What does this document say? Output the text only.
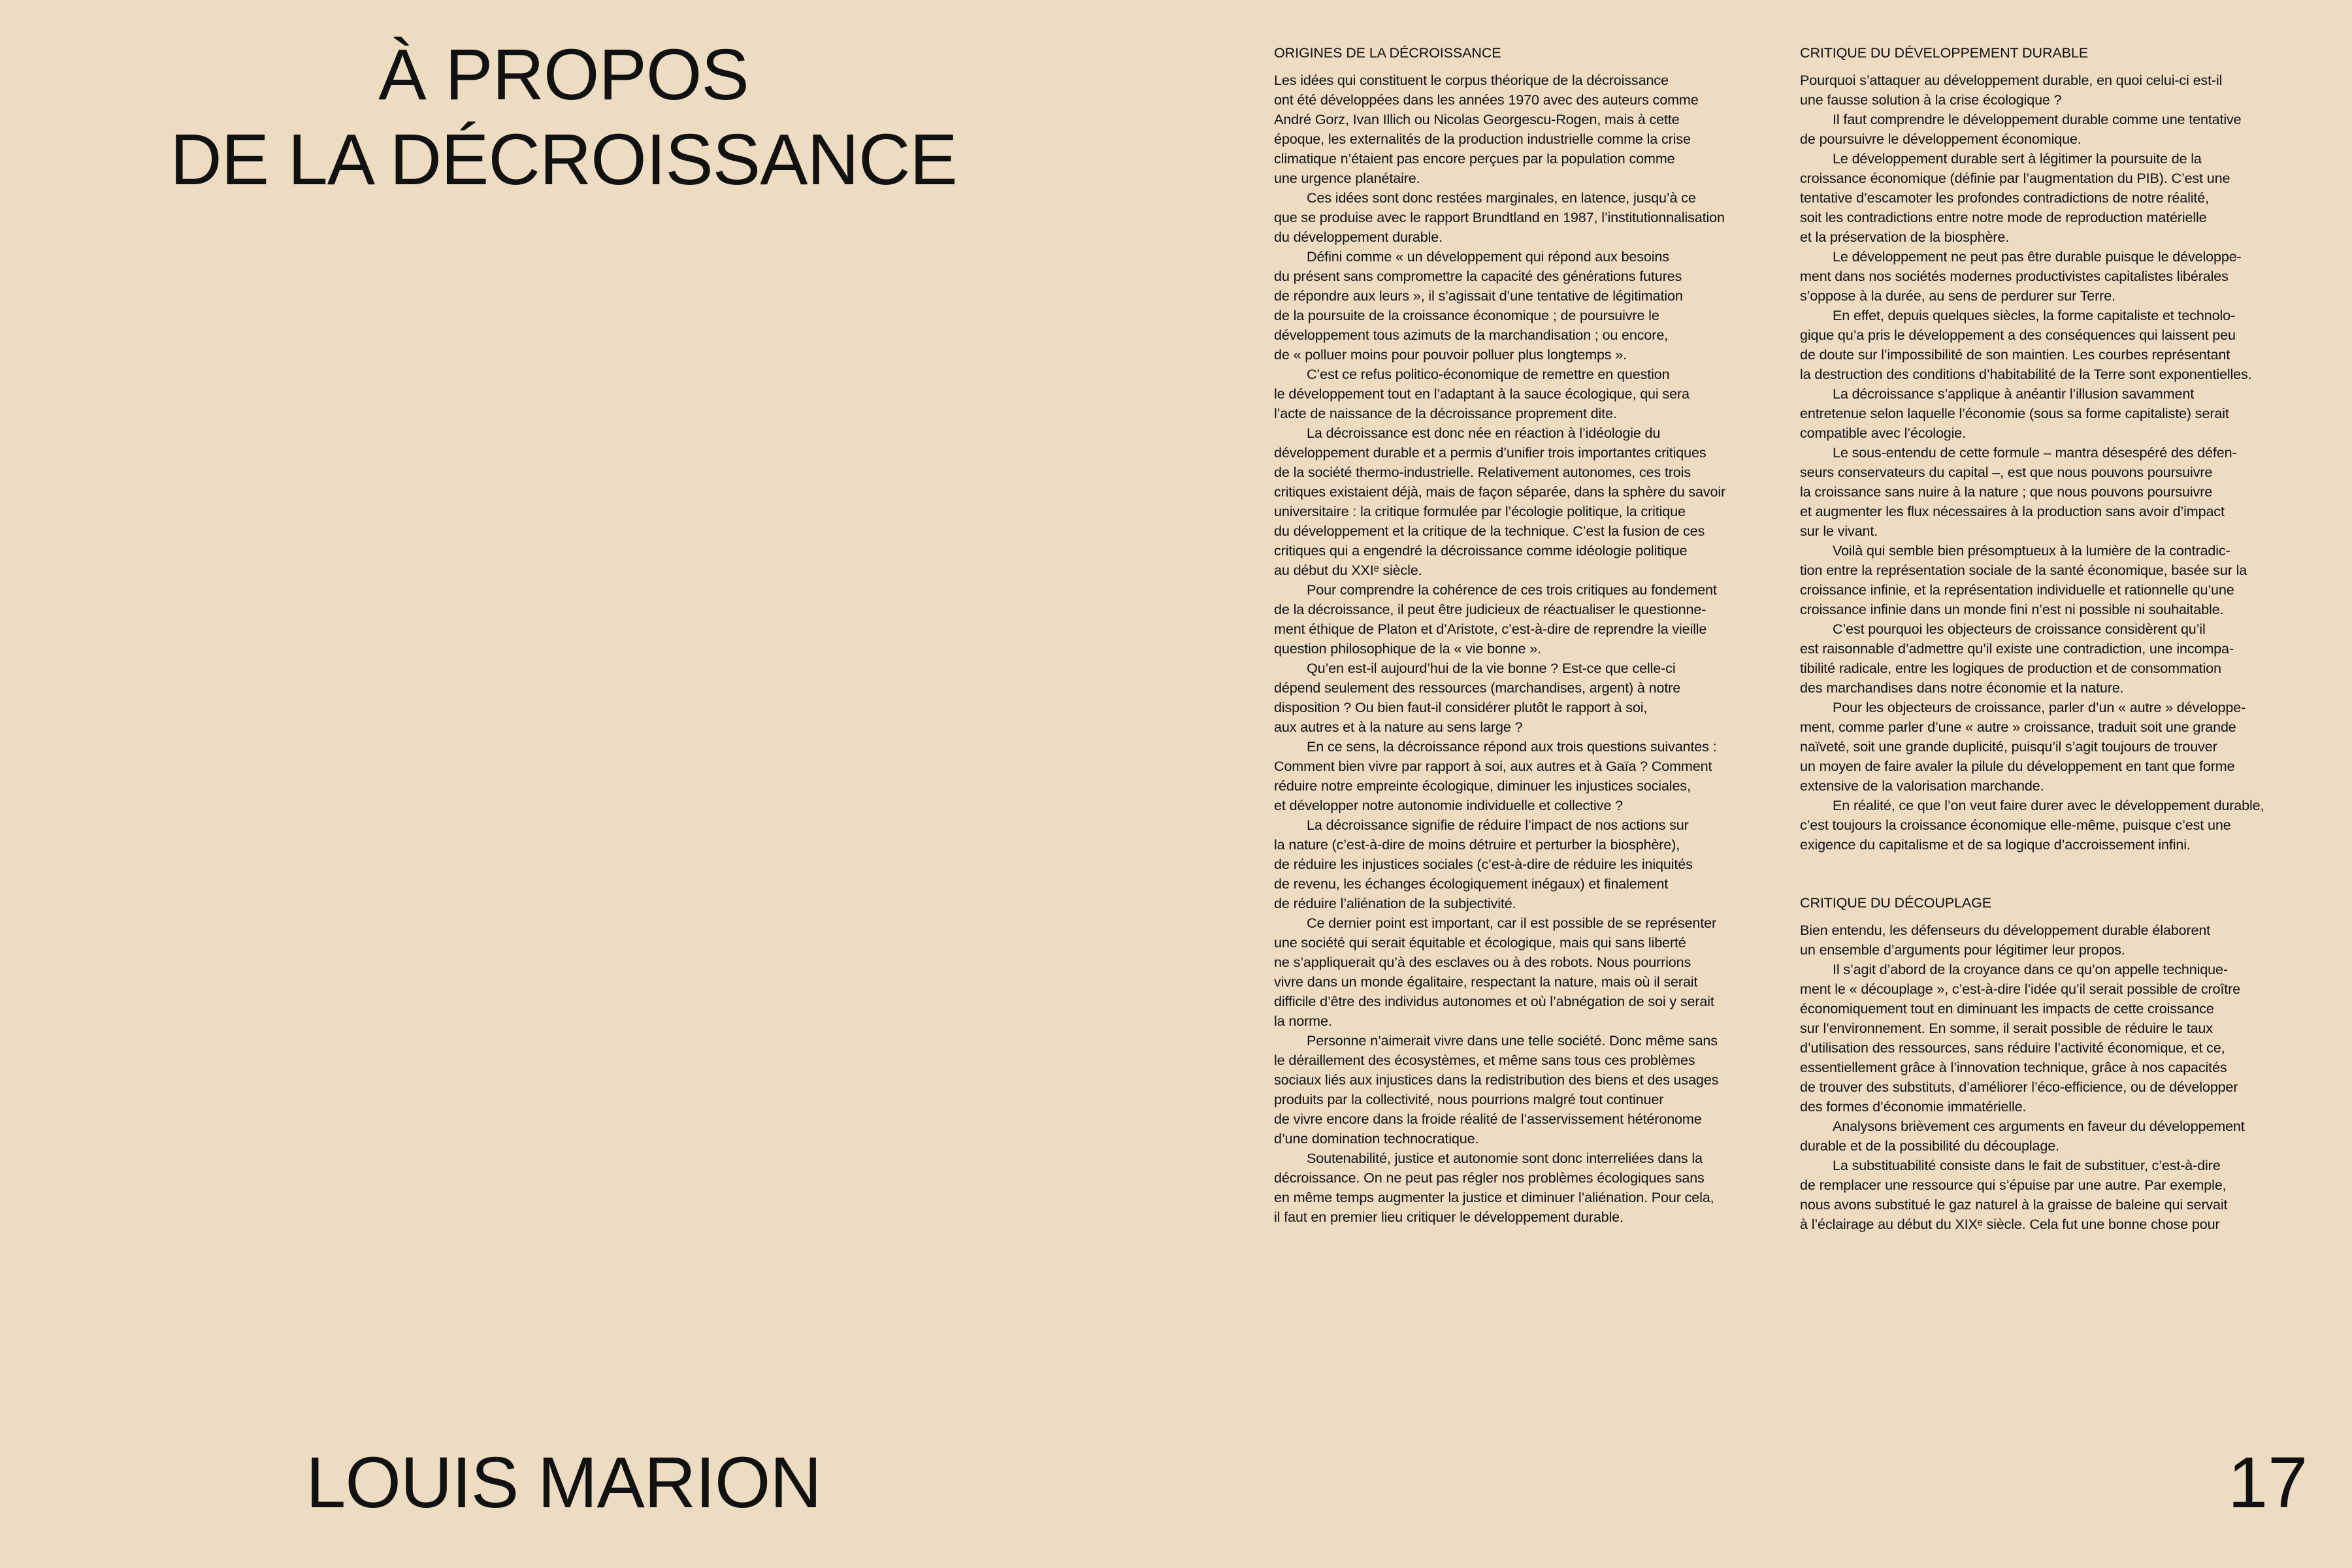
À PROPOS
DE LA DÉCROISSANCE
ORIGINES DE LA DÉCROISSANCE

Les idées qui constituent le corpus théorique de la décroissance
ont été développées dans les années 1970 avec des auteurs comme
André Gorz, Ivan Illich ou Nicolas Georgescu-Rogen, mais à cette
époque, les externalités de la production industrielle comme la crise
climatique n’étaient pas encore perçues par la population comme
une urgence planétaire.

Ces idées sont donc restées marginales, en latence, jusqu’à ce
que se produise avec le rapport Brundtland en 1987, l’institutionnalisation
du développement durable.

Défini comme « un développement qui répond aux besoins
du présent sans compromettre la capacité des générations futures
de répondre aux leurs », il s’agissait d’une tentative de légitimation
de la poursuite de la croissance économique ; de poursuivre le
développement tous azimuts de la marchandisation ; ou encore,
de « polluer moins pour pouvoir polluer plus longtemps ».

C’est ce refus politico-économique de remettre en question
le développement tout en l’adaptant à la sauce écologique, qui sera
l’acte de naissance de la décroissance proprement dite.

La décroissance est donc née en réaction à l’idéologie du
développement durable et a permis d’unifier trois importantes critiques
de la société thermo-industrielle. Relativement autonomes, ces trois
critiques existaient déjà, mais de façon séparée, dans la sphère du savoir
universitaire : la critique formulée par l’écologie politique, la critique
du développement et la critique de la technique. C’est la fusion de ces
critiques qui a engendré la décroissance comme idéologie politique
au début du XXIᵉ siècle.

Pour comprendre la cohérence de ces trois critiques au fondement
de la décroissance, il peut être judicieux de réactualiser le questionne-
ment éthique de Platon et d’Aristote, c’est-à-dire de reprendre la vieille
question philosophique de la « vie bonne ».

Qu’en est-il aujourd’hui de la vie bonne ? Est-ce que celle-ci
dépend seulement des ressources (marchandises, argent) à notre
disposition ? Ou bien faut-il considérer plutôt le rapport à soi,
aux autres et à la nature au sens large ?

En ce sens, la décroissance répond aux trois questions suivantes :
Comment bien vivre par rapport à soi, aux autres et à Gaïa ? Comment
réduire notre empreinte écologique, diminuer les injustices sociales,
et développer notre autonomie individuelle et collective ?

La décroissance signifie de réduire l’impact de nos actions sur
la nature (c’est-à-dire de moins détruire et perturber la biosphère),
de réduire les injustices sociales (c’est-à-dire de réduire les iniquités
de revenu, les échanges écologiquement inégaux) et finalement
de réduire l’aliénation de la subjectivité.

Ce dernier point est important, car il est possible de se représenter
une société qui serait équitable et écologique, mais qui sans liberté
ne s’appliquerait qu’à des esclaves ou à des robots. Nous pourrions
vivre dans un monde égalitaire, respectant la nature, mais où il serait
difficile d’être des individus autonomes et où l’abnégation de soi y serait
la norme.

Personne n’aimerait vivre dans une telle société. Donc même sans
le déraillement des écosystèmes, et même sans tous ces problèmes
sociaux liés aux injustices dans la redistribution des biens et des usages
produits par la collectivité, nous pourrions malgré tout continuer
de vivre encore dans la froide réalité de l’asservissement hétéronome
d’une domination technocratique.

Soutenabilité, justice et autonomie sont donc interreliées dans la
décroissance. On ne peut pas régler nos problèmes écologiques sans
en même temps augmenter la justice et diminuer l’aliénation. Pour cela,
il faut en premier lieu critiquer le développement durable.

CRITIQUE DU DÉVELOPPEMENT DURABLE

Pourquoi s’attaquer au développement durable, en quoi celui-ci est-il
une fausse solution à la crise écologique ?

Il faut comprendre le développement durable comme une tentative
de poursuivre le développement économique.

Le développement durable sert à légitimer la poursuite de la
croissance économique (définie par l’augmentation du PIB). C’est une
tentative d’escamoter les profondes contradictions de notre réalité,
soit les contradictions entre notre mode de reproduction matérielle
et la préservation de la biosphère.

Le développement ne peut pas être durable puisque le développe-
ment dans nos sociétés modernes productivistes capitalistes libérales
s’oppose à la durée, au sens de perdurer sur Terre.

En effet, depuis quelques siècles, la forme capitaliste et technolo-
gique qu’a pris le développement a des conséquences qui laissent peu
de doute sur l’impossibilité de son maintien. Les courbes représentant
la destruction des conditions d’habitabilité de la Terre sont exponentielles.

La décroissance s’applique à anéantir l’illusion savamment
entretenue selon laquelle l’économie (sous sa forme capitaliste) serait
compatible avec l’écologie.

Le sous-entendu de cette formule – mantra désespéré des défen-
seurs conservateurs du capital –, est que nous pouvons poursuivre
la croissance sans nuire à la nature ; que nous pouvons poursuivre
et augmenter les flux nécessaires à la production sans avoir d’impact
sur le vivant.

Voilà qui semble bien présomptueux à la lumière de la contradic-
tion entre la représentation sociale de la santé économique, basée sur la
croissance infinie, et la représentation individuelle et rationnelle qu’une
croissance infinie dans un monde fini n’est ni possible ni souhaitable.

C’est pourquoi les objecteurs de croissance considèrent qu’il
est raisonnable d’admettre qu’il existe une contradiction, une incompa-
tibilité radicale, entre les logiques de production et de consommation
des marchandises dans notre économie et la nature.

Pour les objecteurs de croissance, parler d’un « autre » développe-
ment, comme parler d’une « autre » croissance, traduit soit une grande
naïveté, soit une grande duplicité, puisqu’il s’agit toujours de trouver
un moyen de faire avaler la pilule du développement en tant que forme
extensive de la valorisation marchande.

En réalité, ce que l’on veut faire durer avec le développement durable,
c’est toujours la croissance économique elle-même, puisque c’est une
exigence du capitalisme et de sa logique d’accroissement infini.

CRITIQUE DU DÉCOUPLAGE

Bien entendu, les défenseurs du développement durable élaborent
un ensemble d’arguments pour légitimer leur propos.

Il s’agit d’abord de la croyance dans ce qu’on appelle technique-
ment le « découplage », c’est-à-dire l’idée qu’il serait possible de croître
économiquement tout en diminuant les impacts de cette croissance
sur l’environnement. En somme, il serait possible de réduire le taux
d’utilisation des ressources, sans réduire l’activité économique, et ce,
essentiellement grâce à l’innovation technique, grâce à nos capacités
de trouver des substituts, d’améliorer l’éco-efficience, ou de développer
des formes d’économie immatérielle.

Analysons brièvement ces arguments en faveur du développement
durable et de la possibilité du découplage.

La substituabilité consiste dans le fait de substituer, c’est-à-dire
de remplacer une ressource qui s’épuise par une autre. Par exemple,
nous avons substitué le gaz naturel à la graisse de baleine qui servait
à l’éclairage au début du XIXᵉ siècle. Cela fut une bonne chose pour

LOUIS MARION	17
